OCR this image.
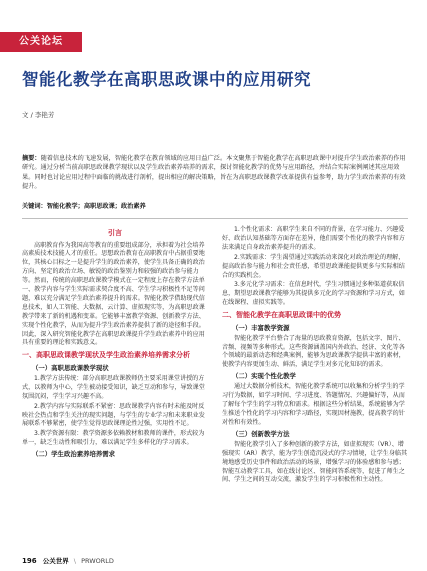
公关论坛
智能化教学在高职思政课中的应用研究
文 / 李艳芳
摘要：随着信息技术的飞速发展，智能化教学在教育领域的应用日益广泛。本文聚焦于智能化教学在高职思政课中对提升学生政治素养的作用研究。通过分析当前高职思政课教学现状以及学生政治素养培养的需求，探讨智能化教学的优势与应用路径，并结合实际案例阐述其应用效果。同时也讨论应用过程中面临的挑战进行剖析，提出相应的解决策略，旨在为高职思政课教学改革提供有益参考，助力学生政治素养的有效提升。
关键词：智能化教学；高职思政课；政治素养
引言

高职教育作为我国高等教育的重要组成部分，承担着为社会培养高素质技术技能人才的重任。思想政治教育在高职教育中占据重要地位，其核心目标之一是提升学生的政治素养，使学生具备正确的政治方向、坚定的政治立场、敏锐的政治鉴别力和较强的政治参与能力等。然而，传统的高职思政课教学模式在一定程度上存在教学方法单一、教学内容与学生实际需求契合度不高、学生学习积极性不足等问题，难以充分满足学生政治素养提升的需求。智能化教学借助现代信息技术，如人工智能、大数据、云计算、虚拟现实等，为高职思政课教学带来了新的机遇和变革。它能够丰富教学资源、创新教学方法、实现个性化教学，从而为提升学生政治素养提供了新的途径和手段。因此，深入研究智能化教学在高职思政课提升学生政治素养中的应用具有重要的理论和实践意义。

一、高职思政课教学现状及学生政治素养培养需求分析
（一）高职思政课教学现状

1.教学方法传统：部分高职思政课教师仍主要采用课堂讲授的方式，以教师为中心，学生被动接受知识，缺乏互动和参与，导致课堂氛围沉闷，学生学习兴趣不高。

2.教学内容与实际联系不紧密：思政课教学内容有时未能及时反映社会热点和学生关注的现实问题，与学生的专业学习和未来职业发展联系不够紧密，使学生觉得思政课理论性过强，实用性不足。

3.教学资源有限：教学资源多依赖教材和教师的课件，形式较为单一，缺乏生动性和吸引力，难以满足学生多样化的学习需求。

（二）学生政治素养培养需求

1.个性化需求：高职学生来自不同的背景，在学习能力、兴趣爱好、政治认知基础等方面存在差异，他们需要个性化的教学内容和方法来满足自身政治素养提升的需求。

2.实践需求：学生渴望通过实践活动来深化对政治理论的理解，提高政治参与能力和社会责任感，希望思政课能提供更多与实际相结合的实践机会。

3.多元化学习需求：在信息时代，学生习惯通过多种渠道获取信息，期望思政课教学能够为其提供多元化的学习资源和学习方式，如在线课程、虚拟实践等。

二、智能化教学在高职思政课中的优势
（一）丰富教学资源

智能化教学平台整合了海量的思政教育资源，包括文字、图片、音频、视频等多种形式。这些资源涵盖国内外政治、经济、文化等各个领域的最新动态和经典案例，能够为思政课教学提供丰富的素材，使教学内容更加生动、鲜活，满足学生对多元化知识的需求。

（二）实现个性化教学

通过大数据分析技术，智能化教学系统可以收集和分析学生的学习行为数据，如学习时间、学习进度、答题情况、兴趣偏好等，从而了解每个学生的学习特点和需求。根据这些分析结果，系统能够为学生推送个性化的学习内容和学习路径，实现因材施教，提高教学的针对性和有效性。

（三）创新教学方法

智能化教学引入了多种创新的教学方法，如虚拟现实（VR）、增强现实（AR）教学，能为学生创造沉浸式的学习情境，让学生身临其境地感受历史事件和政治活动的场景，增强学习的体验感和参与感；智能互动教学工具，如在线讨论区、智能问答系统等，促进了师生之间、学生之间的互动交流，激发学生的学习积极性和主动性。

196 公关世界 \ PRWORLD
